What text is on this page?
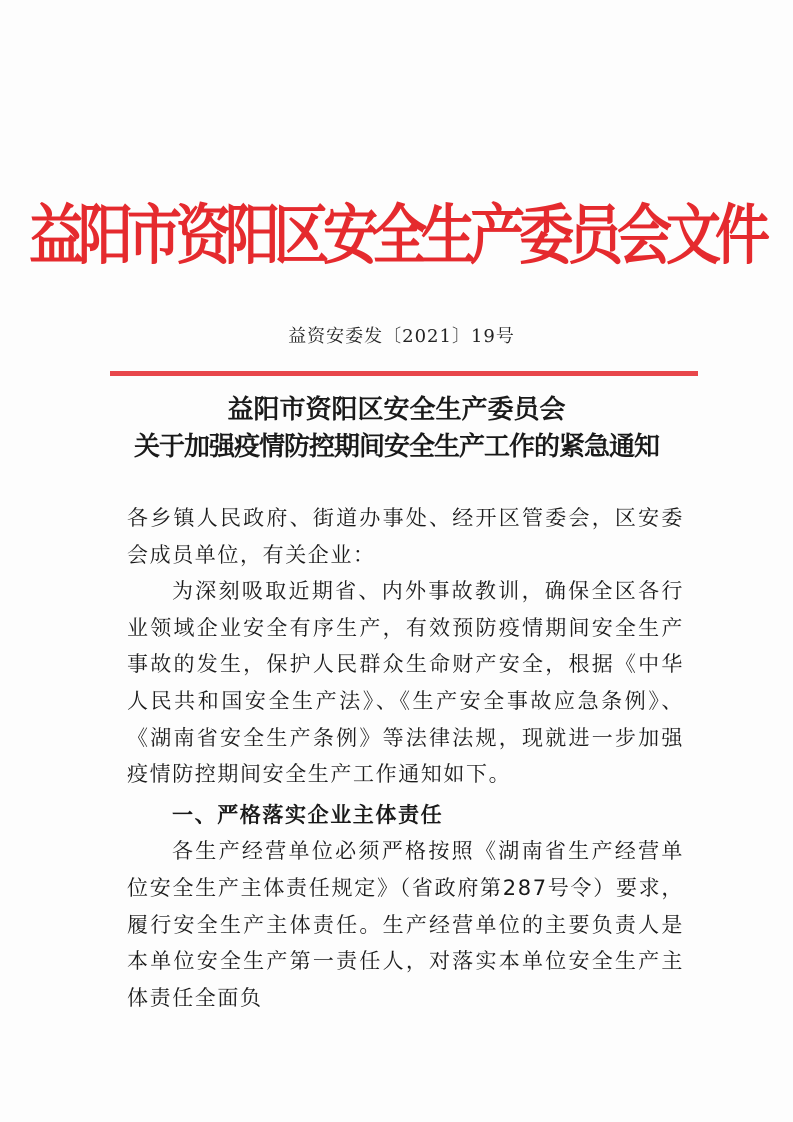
益阳市资阳区安全生产委员会文件
益资安委发〔2021〕19号
益阳市资阳区安全生产委员会
关于加强疫情防控期间安全生产工作的紧急通知

各乡镇人民政府、街道办事处、经开区管委会，区安委会成员单位，有关企业：

为深刻吸取近期省、内外事故教训，确保全区各行业领域企业安全有序生产，有效预防疫情期间安全生产事故的发生，保护人民群众生命财产安全，根据《中华人民共和国安全生产法》、《生产安全事故应急条例》、《湖南省安全生产条例》等法律法规，现就进一步加强疫情防控期间安全生产工作通知如下。

一、严格落实企业主体责任

各生产经营单位必须严格按照《湖南省生产经营单位安全生产主体责任规定》（省政府第287号令）要求，履行安全生产主体责任。生产经营单位的主要负责人是本单位安全生产第一责任人，对落实本单位安全生产主体责任全面负
